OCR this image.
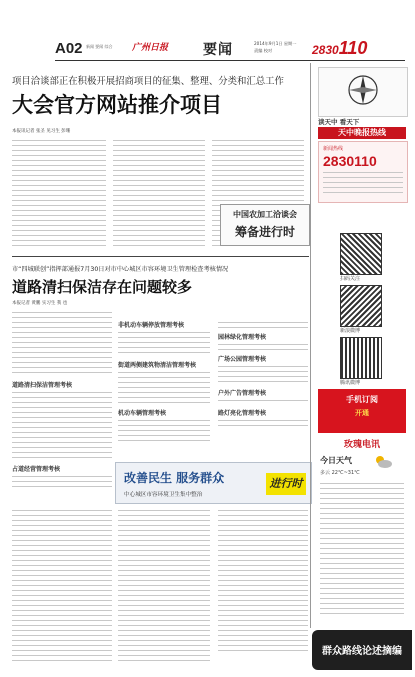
A02 新闻 要闻 综合 广州日报 要闻	2014年9月1日 星期一
责编 校对	2830110
项目洽谈部正在积极开展招商项目的征集、整理、分类和汇总工作
大会官方网站推介项目
本报讯记者 张圣 见习生 彭珊
中国农加工洽谈会
筹备进行时
市“四城联创”指挥部通报7月30日对市中心城区市容环境卫生管理检查考核情况
道路清扫保洁存在问题较多
本报记者 黄鹏 实习生 我 也
道路清扫保洁管理考核
占道经营管理考核
非机动车辆停放管理考核
街道两侧建筑物清洁管理考核
机动车辆管理考核
园林绿化管理考核
广场公园管理考核
户外广告管理考核
路灯亮化管理考核
改善民生 服务群众
中心城区市容环境卫生集中整治
进行时
群众路线论述摘编
读天中 看天下
天中晚报热线
新闻热线
2830110
扫码关注
新浪微博
腾讯微博
手机订阅
开通
玫瑰电讯
今日天气
多云 22℃~31℃
